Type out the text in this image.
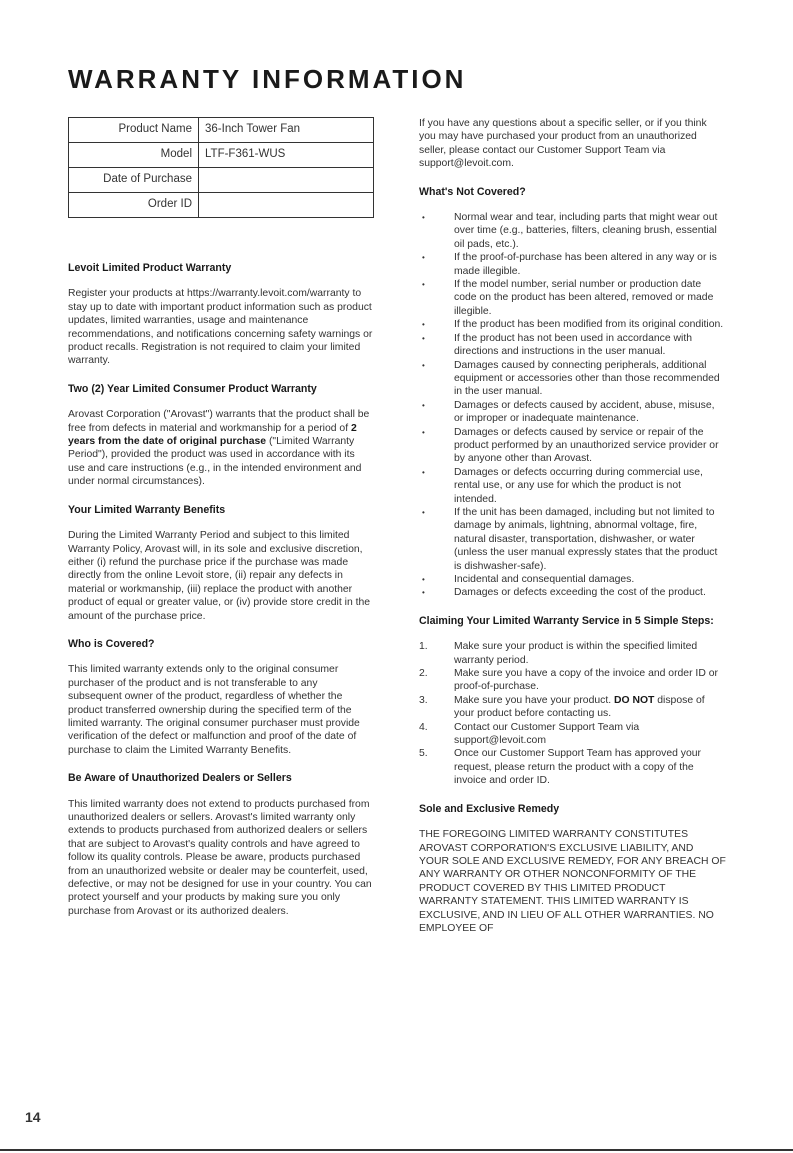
WARRANTY INFORMATION
Product Name	36-Inch Tower Fan
Model	LTF-F361-WUS
Date of Purchase	
Order ID	
Levoit Limited Product Warranty

Register your products at https://warranty.levoit.com/warranty to stay up to date with important product information such as product updates, limited warranties, usage and maintenance recommendations, and notifications concerning safety warnings or product recalls. Registration is not required to claim your limited warranty.

Two (2) Year Limited Consumer Product Warranty

Arovast Corporation ("Arovast") warrants that the product shall be free from defects in material and workmanship for a period of 2 years from the date of original purchase ("Limited Warranty Period"), provided the product was used in accordance with its use and care instructions (e.g., in the intended environment and under normal circumstances).

Your Limited Warranty Benefits

During the Limited Warranty Period and subject to this limited Warranty Policy, Arovast will, in its sole and exclusive discretion, either (i) refund the purchase price if the purchase was made directly from the online Levoit store, (ii) repair any defects in material or workmanship, (iii) replace the product with another product of equal or greater value, or (iv) provide store credit in the amount of the purchase price.

Who is Covered?

This limited warranty extends only to the original consumer purchaser of the product and is not transferable to any subsequent owner of the product, regardless of whether the product transferred ownership during the specified term of the limited warranty. The original consumer purchaser must provide verification of the defect or malfunction and proof of the date of purchase to claim the Limited Warranty Benefits.

Be Aware of Unauthorized Dealers or Sellers

This limited warranty does not extend to products purchased from unauthorized dealers or sellers. Arovast's limited warranty only extends to products purchased from authorized dealers or sellers that are subject to Arovast's quality controls and have agreed to follow its quality controls. Please be aware, products purchased from an unauthorized website or dealer may be counterfeit, used, defective, or may not be designed for use in your country. You can protect yourself and your products by making sure you only purchase from Arovast or its authorized dealers.

If you have any questions about a specific seller, or if you think you may have purchased your product from an unauthorized seller, please contact our Customer Support Team via support@levoit.com.

What's Not Covered?
• Normal wear and tear, including parts that might wear out over time (e.g., batteries, filters, cleaning brush, essential oil pads, etc.).
• If the proof-of-purchase has been altered in any way or is made illegible.
• If the model number, serial number or production date code on the product has been altered, removed or made illegible.
• If the product has been modified from its original condition.
• If the product has not been used in accordance with directions and instructions in the user manual.
• Damages caused by connecting peripherals, additional equipment or accessories other than those recommended in the user manual.
• Damages or defects caused by accident, abuse, misuse, or improper or inadequate maintenance.
• Damages or defects caused by service or repair of the product performed by an unauthorized service provider or by anyone other than Arovast.
• Damages or defects occurring during commercial use, rental use, or any use for which the product is not intended.
• If the unit has been damaged, including but not limited to damage by animals, lightning, abnormal voltage, fire, natural disaster, transportation, dishwasher, or water (unless the user manual expressly states that the product is dishwasher-safe).
• Incidental and consequential damages.
• Damages or defects exceeding the cost of the product.
Claiming Your Limited Warranty Service in 5 Simple Steps:
1.	Make sure your product is within the specified limited warranty period.
2.	Make sure you have a copy of the invoice and order ID or proof-of-purchase.
3.	Make sure you have your product. DO NOT dispose of your product before contacting us.
4.	Contact our Customer Support Team via support@levoit.com
5.	Once our Customer Support Team has approved your request, please return the product with a copy of the invoice and order ID.
Sole and Exclusive Remedy

THE FOREGOING LIMITED WARRANTY CONSTITUTES AROVAST CORPORATION'S EXCLUSIVE LIABILITY, AND YOUR SOLE AND EXCLUSIVE REMEDY, FOR ANY BREACH OF ANY WARRANTY OR OTHER NONCONFORMITY OF THE PRODUCT COVERED BY THIS LIMITED PRODUCT WARRANTY STATEMENT. THIS LIMITED WARRANTY IS EXCLUSIVE, AND IN LIEU OF ALL OTHER WARRANTIES. NO EMPLOYEE OF

14
